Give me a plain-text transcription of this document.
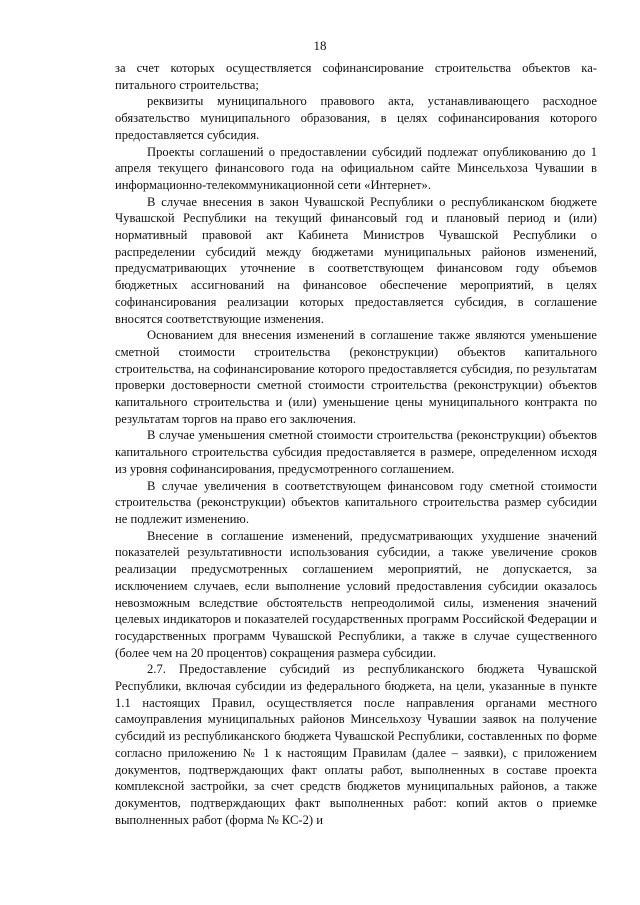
18

за счет которых осуществляется софинансирование строительства объектов капитального строительства;

реквизиты муниципального правового акта, устанавливающего расходное обязательство муниципального образования, в целях софинансирования которого предоставляется субсидия.

Проекты соглашений о предоставлении субсидий подлежат опубликованию до 1 апреля текущего финансового года на официальном сайте Минсельхоза Чувашии в информационно-телекоммуникационной сети «Интернет».

В случае внесения в закон Чувашской Республики о республиканском бюджете Чувашской Республики на текущий финансовый год и плановый период и (или) нормативный правовой акт Кабинета Министров Чувашской Республики о распределении субсидий между бюджетами муниципальных районов изменений, предусматривающих уточнение в соответствующем финансовом году объемов бюджетных ассигнований на финансовое обеспечение мероприятий, в целях софинансирования реализации которых предоставляется субсидия, в соглашение вносятся соответствующие изменения.

Основанием для внесения изменений в соглашение также являются уменьшение сметной стоимости строительства (реконструкции) объектов капитального строительства, на софинансирование которого предоставляется субсидия, по результатам проверки достоверности сметной стоимости строительства (реконструкции) объектов капитального строительства и (или) уменьшение цены муниципального контракта по результатам торгов на право его заключения.

В случае уменьшения сметной стоимости строительства (реконструкции) объектов капитального строительства субсидия предоставляется в размере, определенном исходя из уровня софинансирования, предусмотренного соглашением.

В случае увеличения в соответствующем финансовом году сметной стоимости строительства (реконструкции) объектов капитального строительства размер субсидии не подлежит изменению.

Внесение в соглашение изменений, предусматривающих ухудшение значений показателей результативности использования субсидии, а также увеличение сроков реализации предусмотренных соглашением мероприятий, не допускается, за исключением случаев, если выполнение условий предоставления субсидии оказалось невозможным вследствие обстоятельств непреодолимой силы, изменения значений целевых индикаторов и показателей государственных программ Российской Федерации и государственных программ Чувашской Республики, а также в случае существенного (более чем на 20 процентов) сокращения размера субсидии.

2.7. Предоставление субсидий из республиканского бюджета Чувашской Республики, включая субсидии из федерального бюджета, на цели, указанные в пункте 1.1 настоящих Правил, осуществляется после направления органами местного самоуправления муниципальных районов Минсельхозу Чувашии заявок на получение субсидий из республиканского бюджета Чувашской Республики, составленных по форме согласно приложению № 1 к настоящим Правилам (далее – заявки), с приложением документов, подтверждающих факт оплаты работ, выполненных в составе проекта комплексной застройки, за счет средств бюджетов муниципальных районов, а также документов, подтверждающих факт выполненных работ: копий актов о приемке выполненных работ (форма № КС-2) и
